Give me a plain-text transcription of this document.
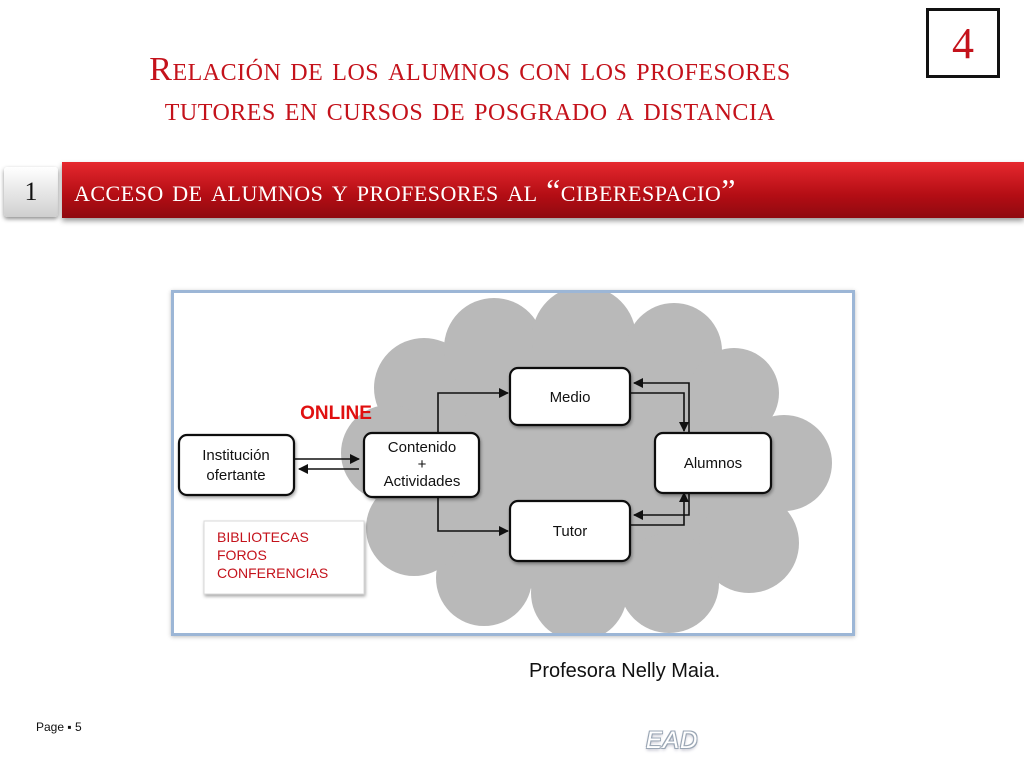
Relación de los alumnos con los profesores
tutores en cursos de posgrado a distancia
4
1	acceso de alumnos y profesores al “ciberespacio”
Institución
ofertante
Contenido
+
Actividades
ONLINE
Medio
Tutor
Alumnos
BIBLIOTECAS
FOROS
CONFERENCIAS
Profesora Nelly Maia.
Page ▪ 5	EAD
